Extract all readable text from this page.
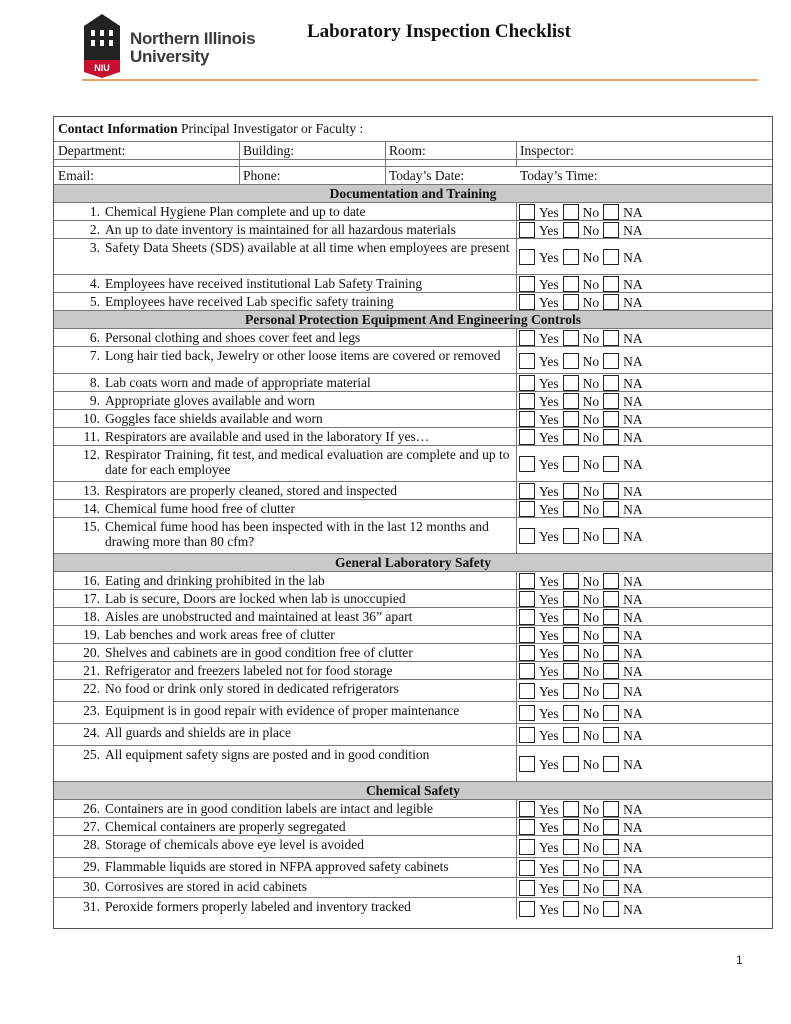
NIU
Northern Illinois
University
Laboratory Inspection Checklist
Contact Information Principal Investigator or Faculty :
Department:	Building:	Room:	Inspector:
Email:	Phone:	Today’s Date:	Today’s Time:
Documentation and Training
1. Chemical Hygiene Plan complete and up to date	Yes No NA
2. An up to date inventory is maintained for all hazardous materials	Yes No NA
3. Safety Data Sheets (SDS) available at all time when employees are present
Yes No NA
4. Employees have received institutional Lab Safety Training	Yes No NA
5. Employees have received Lab specific safety training	Yes No NA
Personal Protection Equipment And Engineering Controls
6. Personal clothing and shoes cover feet and legs	Yes No NA
7. Long hair tied back, Jewelry or other loose items are covered or removed	Yes No NA
8. Lab coats worn and made of appropriate material	Yes No NA
9. Appropriate gloves available and worn	Yes No NA
10. Goggles face shields available and worn	Yes No NA
11. Respirators are available and used in the laboratory If yes…	Yes No NA
12. Respirator Training, fit test, and medical evaluation are complete and up to date for each employee	Yes No NA
13. Respirators are properly cleaned, stored and inspected	Yes No NA
14. Chemical fume hood free of clutter	Yes No NA
15. Chemical fume hood has been inspected with in the last 12 months and drawing more than 80 cfm?	Yes No NA
General Laboratory Safety
16. Eating and drinking prohibited in the lab	Yes No NA
17. Lab is secure, Doors are locked when lab is unoccupied	Yes No NA
18. Aisles are unobstructed and maintained at least 36” apart	Yes No NA
19. Lab benches and work areas free of clutter	Yes No NA
20. Shelves and cabinets are in good condition free of clutter	Yes No NA
21. Refrigerator and freezers labeled not for food storage	Yes No NA
22. No food or drink only stored in dedicated refrigerators	Yes No NA
23. Equipment is in good repair with evidence of proper maintenance	Yes No NA
24. All guards and shields are in place	Yes No NA
25. All equipment safety signs are posted and in good condition
Yes No NA
Chemical Safety
26. Containers are in good condition labels are intact and legible	Yes No NA
27. Chemical containers are properly segregated	Yes No NA
28. Storage of chemicals above eye level is avoided	Yes No NA
29. Flammable liquids are stored in NFPA approved safety cabinets	Yes No NA
30. Corrosives are stored in acid cabinets	Yes No NA
31. Peroxide formers properly labeled and inventory tracked	Yes No NA
1
